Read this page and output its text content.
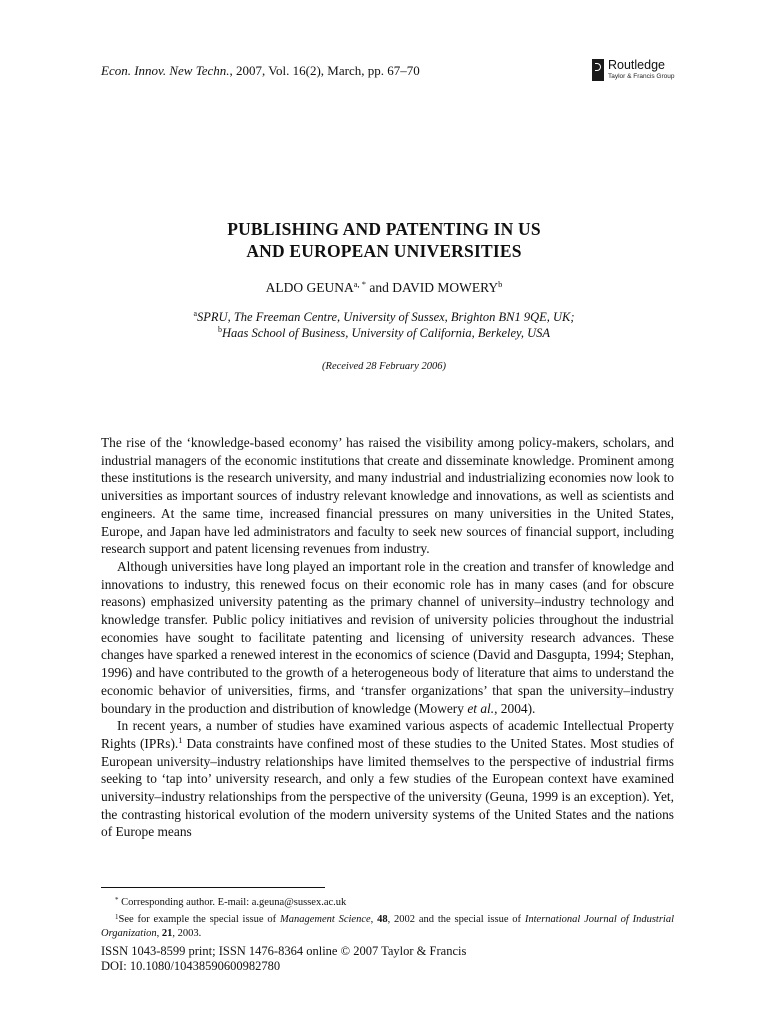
Econ. Innov. New Techn., 2007, Vol. 16(2), March, pp. 67–70	Routledge
Taylor & Francis Group
PUBLISHING AND PATENTING IN US
AND EUROPEAN UNIVERSITIES
ALDO $GEUNA^{a, *}$ and DAVID MOWERY$^b$
$^a$SPRU, The Freeman Centre, University of Sussex, Brighton BN1 9QE, UK;
$^b$Haas School of Business, University of California, Berkeley, USA
(Received 28 February 2006)

The rise of the ‘knowledge-based economy’ has raised the visibility among policy-makers, scholars, and industrial managers of the economic institutions that create and disseminate knowledge. Prominent among these institutions is the research university, and many industrial and industrializing economies now look to universities as important sources of industry relevant knowledge and innovations, as well as scientists and engineers. At the same time, increased financial pressures on many universities in the United States, Europe, and Japan have led administrators and faculty to seek new sources of financial support, including research support and patent licensing revenues from industry.

Although universities have long played an important role in the creation and transfer of knowledge and innovations to industry, this renewed focus on their economic role has in many cases (and for obscure reasons) emphasized university patenting as the primary channel of university–industry technology and knowledge transfer. Public policy initiatives and revision of university policies throughout the industrial economies have sought to facilitate patenting and licensing of university research advances. These changes have sparked a renewed interest in the economics of science (David and Dasgupta, 1994; Stephan, 1996) and have contributed to the growth of a heterogeneous body of literature that aims to understand the economic behavior of universities, firms, and ‘transfer organizations’ that span the university–industry boundary in the production and distribution of knowledge (Mowery et al., 2004).

In recent years, a number of studies have examined various aspects of academic Intellectual Property Rights (IPRs).$^1$ Data constraints have confined most of these studies to the United States. Most studies of European university–industry relationships have limited themselves to the perspective of industrial firms seeking to ‘tap into’ university research, and only a few studies of the European context have examined university–industry relationships from the perspective of the university (Geuna, 1999 is an exception). Yet, the contrasting historical evolution of the modern university systems of the United States and the nations of Europe means

* Corresponding author. E-mail: a.geuna@sussex.ac.uk

$^1$See for example the special issue of Management Science, 48, 2002 and the special issue of International Journal of Industrial Organization, 21, 2003.

ISSN 1043-8599 print; ISSN 1476-8364 online © 2007 Taylor & Francis
DOI: 10.1080/10438590600982780
